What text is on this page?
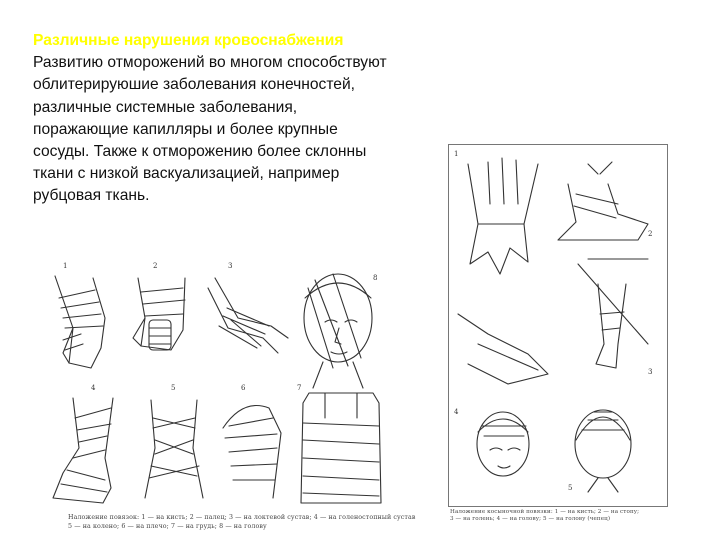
Различные нарушения кровоснабжения Развитию отморожений во многом способствуют облитерируюшие заболевания конечностей, различные системные заболевания, поражающие капилляры и более крупные сосуды. Также к отморожению более склонны ткани с низкой васкуализацией, например рубцовая ткань.
1	2	3
8
4	5	6	7
Наложение повязок: 1 — на кисть; 2 — палец; 3 — на локтевой сустав; 4 — на голеностопный сустав
5 — на колено; 6 — на плечо; 7 — на грудь; 8 — на голову
1
2
3
4
5
Наложение косыночной повязки: 1 — на кисть; 2 — на стопу;
3 — на голень; 4 — на голову; 5 — на голову (чепец)
